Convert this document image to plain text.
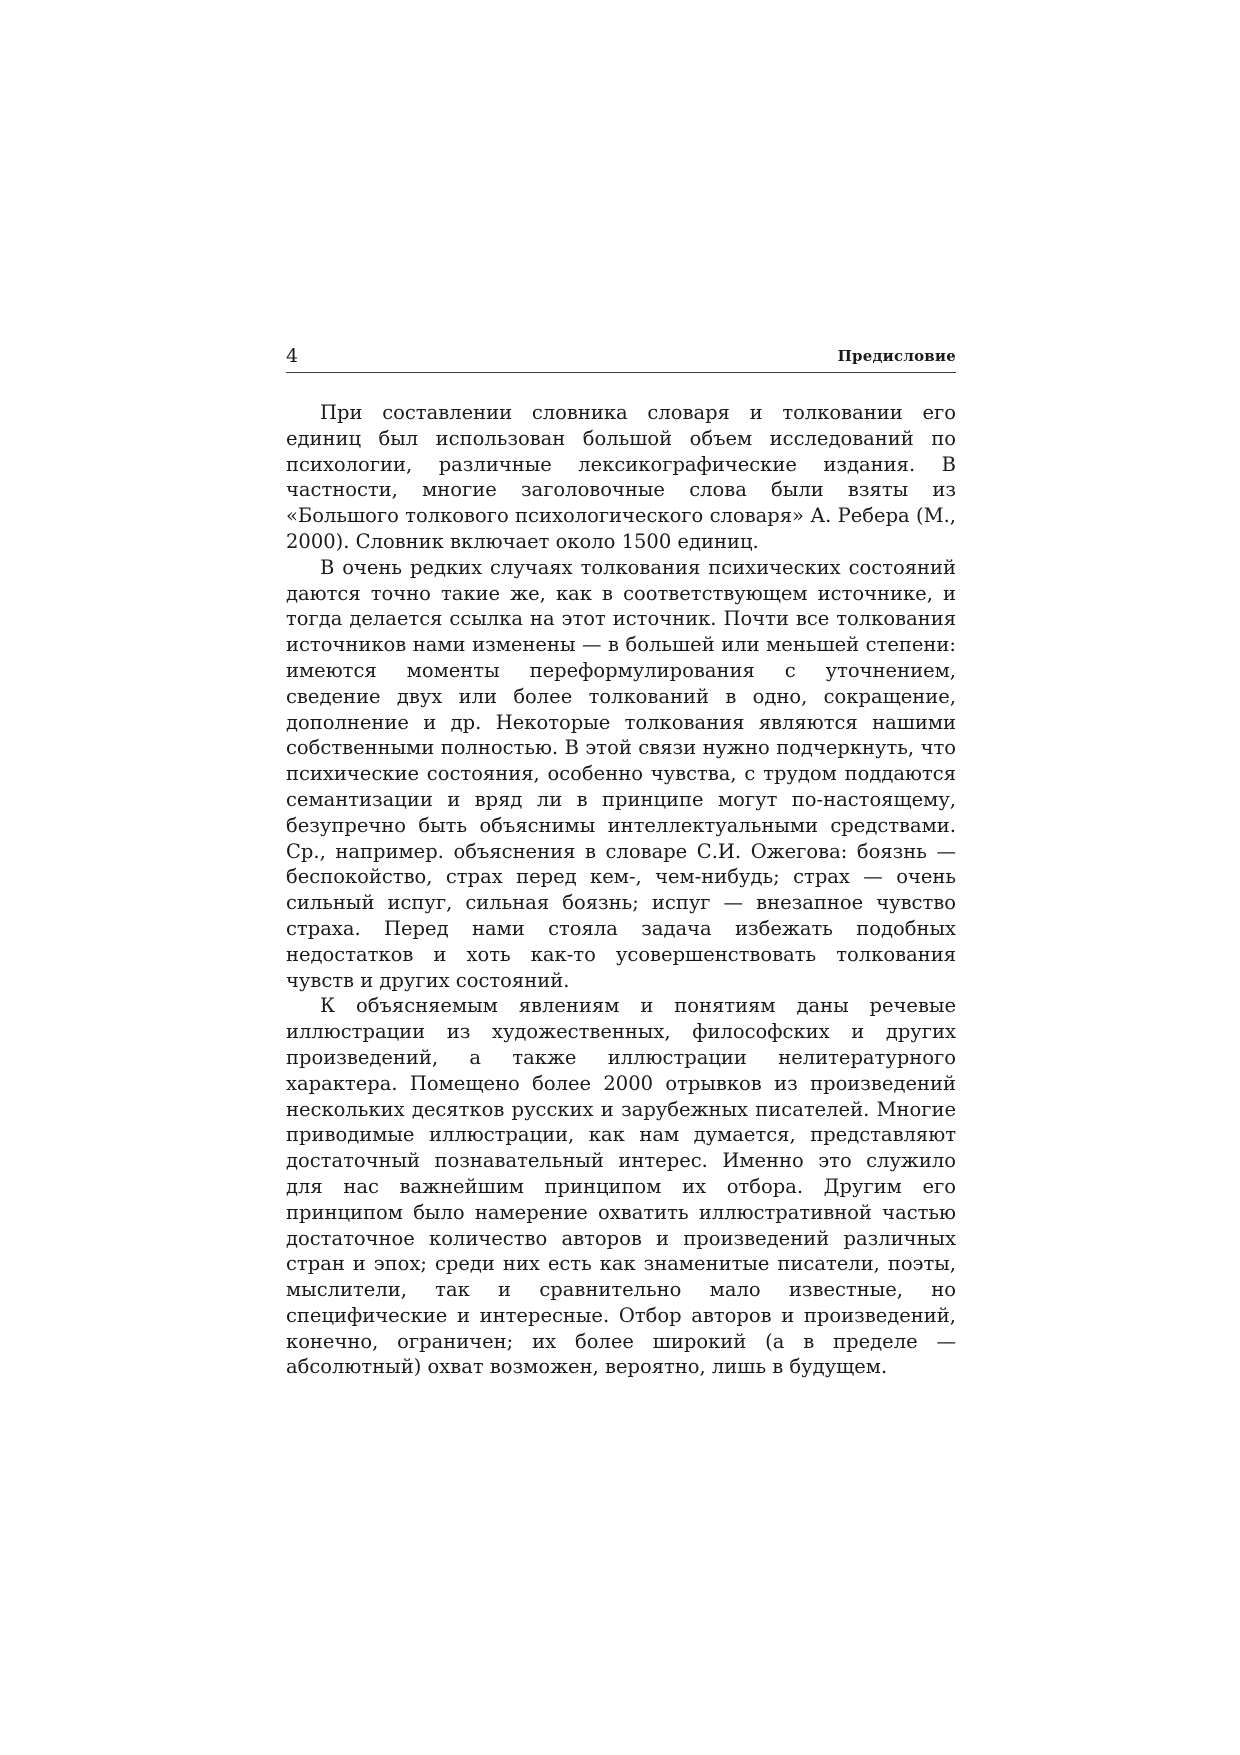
4	Предисловие

При составлении словника словаря и толковании его единиц был использован большой объем исследований по психологии, различные лексикографические издания. В частности, многие заголовочные слова были взяты из «Большого толкового психологического словаря» А. Ребера (М., 2000). Словник включает около 1500 единиц.

В очень редких случаях толкования психических состояний даются точно такие же, как в соответствующем источнике, и тогда делается ссылка на этот источник. Почти все толкования источников нами изменены — в большей или меньшей степени: имеются моменты переформулирования с уточнением, сведение двух или более толкований в одно, сокращение, дополнение и др. Некоторые толкования являются нашими собственными полностью. В этой связи нужно подчеркнуть, что психические состояния, особенно чувства, с трудом поддаются семантизации и вряд ли в принципе могут по-настоящему, безупречно быть объяснимы интеллектуальными средствами. Ср., например. объяснения в словаре С.И. Ожегова: боязнь — беспокойство, страх перед кем-, чем-нибудь; страх — очень сильный испуг, сильная боязнь; испуг — внезапное чувство страха. Перед нами стояла задача избежать подобных недостатков и хоть как-то усовершенствовать толкования чувств и других состояний.

К объясняемым явлениям и понятиям даны речевые иллюстрации из художественных, философских и других произведений, а также иллюстрации нелитературного характера. Помещено более 2000 отрывков из произведений нескольких десятков русских и зарубежных писателей. Многие приводимые иллюстрации, как нам думается, представляют достаточный познавательный интерес. Именно это служило для нас важнейшим принципом их отбора. Другим его принципом было намерение охватить иллюстративной частью достаточное количество авторов и произведений различных стран и эпох; среди них есть как знаменитые писатели, поэты, мыслители, так и сравнительно мало известные, но специфические и интересные. Отбор авторов и произведений, конечно, ограничен; их более широкий (а в пределе — абсолютный) охват возможен, вероятно, лишь в будущем.
